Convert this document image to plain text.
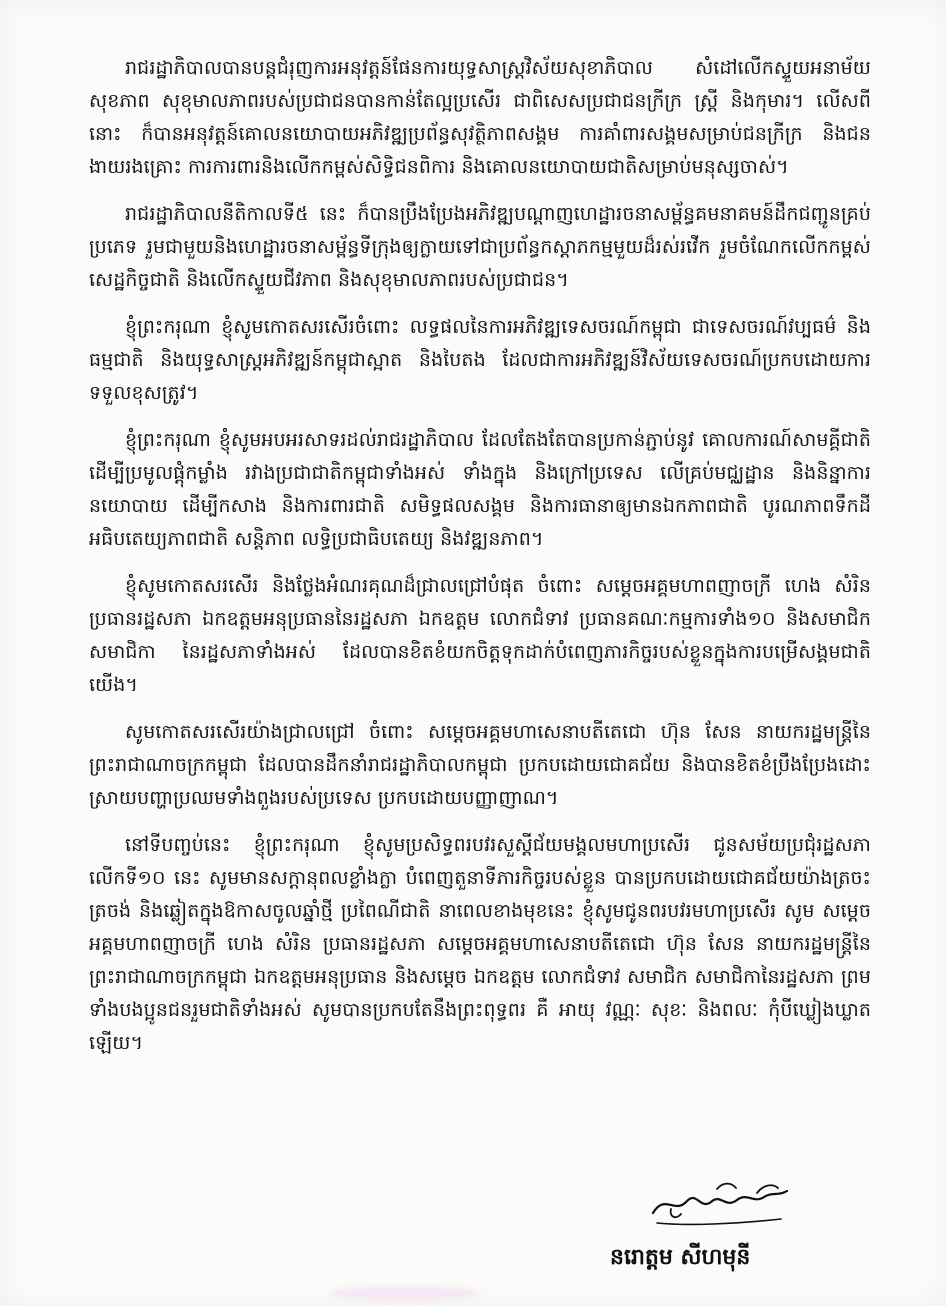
រាជរដ្ឋាភិបាលបានបន្តជំរុញការអនុវត្តន៍ផែនការយុទ្ធសាស្ត្រវិស័យសុខាភិបាល សំដៅលើកស្ទួយអនាម័យ សុខភាព សុខុមាលភាពរបស់ប្រជាជនបានកាន់តែល្អប្រសើរ ជាពិសេសប្រជាជនក្រីក្រ ស្ត្រី និងកុមារ។ លើសពីនោះ ក៏បានអនុវត្តន៍គោលនយោបាយអភិវឌ្ឍប្រព័ន្ធសុវត្ថិភាពសង្គម ការគាំពារសង្គមសម្រាប់ជនក្រីក្រ និងជនងាយរងគ្រោះ ការការពារនិងលើកកម្ពស់សិទ្ធិជនពិការ និងគោលនយោបាយជាតិសម្រាប់មនុស្សចាស់។

រាជរដ្ឋាភិបាលនីតិកាលទី៥ នេះ ក៏បានប្រឹងប្រែងអភិវឌ្ឍបណ្តាញហេដ្ឋារចនាសម្ព័ន្ធគមនាគមន៍ដឹកជញ្ជូនគ្រប់ប្រភេទ រួមជាមួយនិងហេដ្ឋារចនាសម្ព័ន្ធទីក្រុងឲ្យក្លាយទៅជាប្រព័ន្ធកស្តាភកម្មមួយដ៏រស់រវើក រួមចំណែកលើកកម្ពស់សេដ្ឋកិច្ចជាតិ និងលើកស្ទួយជីវភាព និងសុខុមាលភាពរបស់ប្រជាជន។

ខ្ញុំព្រះករុណា ខ្ញុំសូមកោតសរសើរចំពោះ លទ្ធផលនៃការអភិវឌ្ឍទេសចរណ៍កម្ពុជា ជាទេសចរណ៍វប្បធម៌ និងធម្មជាតិ និងយុទ្ធសាស្ត្រអភិវឌ្ឍន៍កម្ពុជាស្អាត និងបៃតង ដែលជាការអភិវឌ្ឍន៍វិស័យទេសចរណ៍ប្រកបដោយការទទួលខុសត្រូវ។

ខ្ញុំព្រះករុណា ខ្ញុំសូមអបអរសាទរដល់រាជរដ្ឋាភិបាល ដែលតែងតែបានប្រកាន់ភ្ជាប់នូវ គោលការណ៍សាមគ្គីជាតិ ដើម្បីប្រមូលផ្តុំកម្លាំង រវាងប្រជាជាតិកម្ពុជាទាំងអស់ ទាំងក្នុង និងក្រៅប្រទេស លើគ្រប់មជ្ឈដ្ឋាន និងនិន្នាការនយោបាយ ដើម្បីកសាង និងការពារជាតិ សមិទ្ធផលសង្គម និងការធានាឲ្យមានឯកភាពជាតិ បូរណភាពទឹកដី អធិបតេយ្យភាពជាតិ សន្តិភាព លទ្ធិប្រជាធិបតេយ្យ និងវឌ្ឍនភាព។

ខ្ញុំសូមកោតសរសើរ និងថ្លែងអំណរគុណដ៏ជ្រាលជ្រៅបំផុត ចំពោះ សម្តេចអគ្គមហាពញាចក្រី ហេង សំរិន ប្រធានរដ្ឋសភា ឯកឧត្តមអនុប្រធាននៃរដ្ឋសភា ឯកឧត្តម លោកជំទាវ ប្រធានគណៈកម្មការទាំង១០ និងសមាជិក សមាជិកា នៃរដ្ឋសភាទាំងអស់ ដែលបានខិតខំយកចិត្តទុកដាក់បំពេញភារកិច្ចរបស់ខ្លួនក្នុងការបម្រើសង្គមជាតិយើង។

សូមកោតសរសើរយ៉ាងជ្រាលជ្រៅ ចំពោះ សម្តេចអគ្គមហាសេនាបតីតេជោ ហ៊ុន សែន នាយករដ្ឋមន្ត្រីនៃព្រះរាជាណាចក្រកម្ពុជា ដែលបានដឹកនាំរាជរដ្ឋាភិបាលកម្ពុជា ប្រកបដោយជោគជ័យ និងបានខិតខំប្រឹងប្រែងដោះស្រាយបញ្ហាប្រឈមទាំងពួងរបស់ប្រទេស ប្រកបដោយបញ្ញាញាណ។

នៅទីបញ្ចប់នេះ ខ្ញុំព្រះករុណា ខ្ញុំសូមប្រសិទ្ធពរបវរសួស្តីជ័យមង្គលមហាប្រសើរ ជូនសម័យប្រជុំរដ្ឋសភាលើកទី១០ នេះ សូមមានសក្តានុពលខ្លាំងក្លា បំពេញតួនាទីភារកិច្ចរបស់ខ្លួន បានប្រកបដោយជោគជ័យយ៉ាងត្រចះត្រចង់ និងឆ្លៀតក្នុងឱកាសចូលឆ្នាំថ្មី ប្រពៃណីជាតិ នាពេលខាងមុខនេះ ខ្ញុំសូមជូនពរបវរមហាប្រសើរ សូម សម្តេចអគ្គមហាពញាចក្រី ហេង សំរិន ប្រធានរដ្ឋសភា សម្តេចអគ្គមហាសេនាបតីតេជោ ហ៊ុន សែន នាយករដ្ឋមន្ត្រីនៃព្រះរាជាណាចក្រកម្ពុជា ឯកឧត្តមអនុប្រធាន និងសម្តេច ឯកឧត្តម លោកជំទាវ សមាជិក សមាជិកានៃរដ្ឋសភា ព្រមទាំងបងប្អូនជនរួមជាតិទាំងអស់ សូមបានប្រកបតែនឹងព្រះពុទ្ធពរ គឺ អាយុ វណ្ណៈ សុខៈ និងពលៈ កុំបីឃ្លៀងឃ្លាតឡើយ។

នរោត្តម សីហមុនី
